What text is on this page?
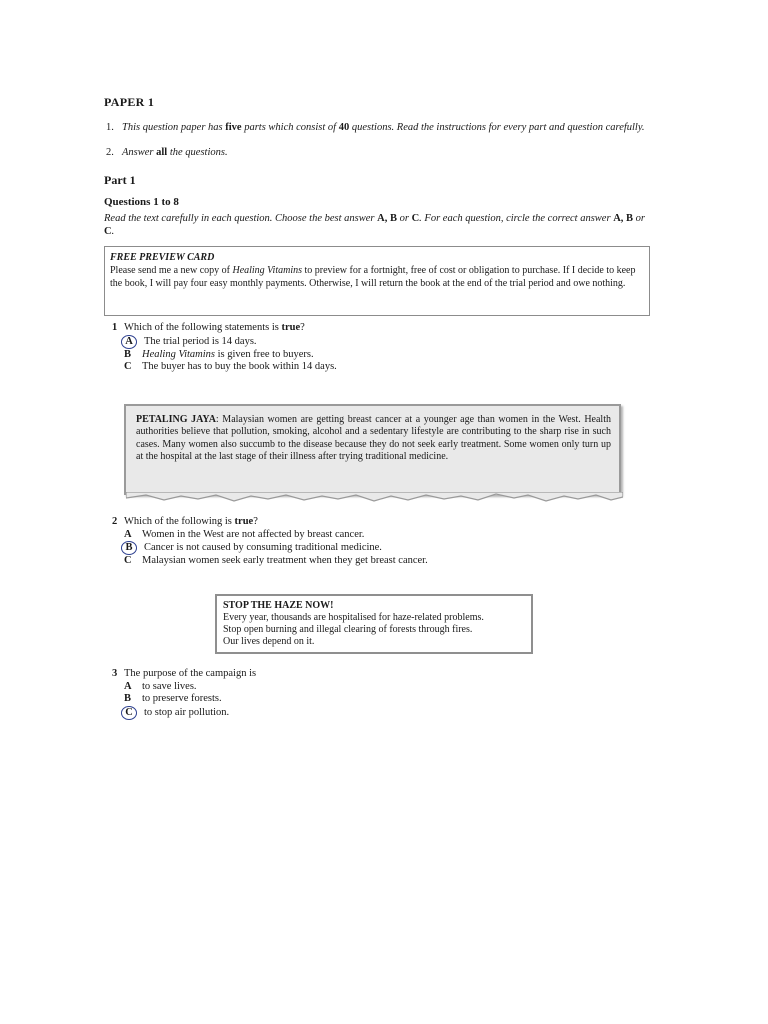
PAPER 1
1. This question paper has five parts which consist of 40 questions. Read the instructions for every part and question carefully.
2. Answer all the questions.
Part 1
Questions 1 to 8
Read the text carefully in each question. Choose the best answer A, B or C. For each question, circle the correct answer A, B or C.
FREE PREVIEW CARD
Please send me a new copy of Healing Vitamins to preview for a fortnight, free of cost or obligation to purchase. If I decide to keep the book, I will pay four easy monthly payments. Otherwise, I will return the book at the end of the trial period and owe nothing.
1 Which of the following statements is true?
A The trial period is 14 days.
B Healing Vitamins is given free to buyers.
C The buyer has to buy the book within 14 days.
PETALING JAYA: Malaysian women are getting breast cancer at a younger age than women in the West. Health authorities believe that pollution, smoking, alcohol and a sedentary lifestyle are contributing to the sharp rise in such cases. Many women also succumb to the disease because they do not seek early treatment. Some women only turn up at the hospital at the last stage of their illness after trying traditional medicine.
2 Which of the following is true?
A Women in the West are not affected by breast cancer.
B Cancer is not caused by consuming traditional medicine.
C Malaysian women seek early treatment when they get breast cancer.
STOP THE HAZE NOW!
Every year, thousands are hospitalised for haze-related problems.
Stop open burning and illegal clearing of forests through fires.
Our lives depend on it.
3 The purpose of the campaign is
A to save lives.
B to preserve forests.
C to stop air pollution.
